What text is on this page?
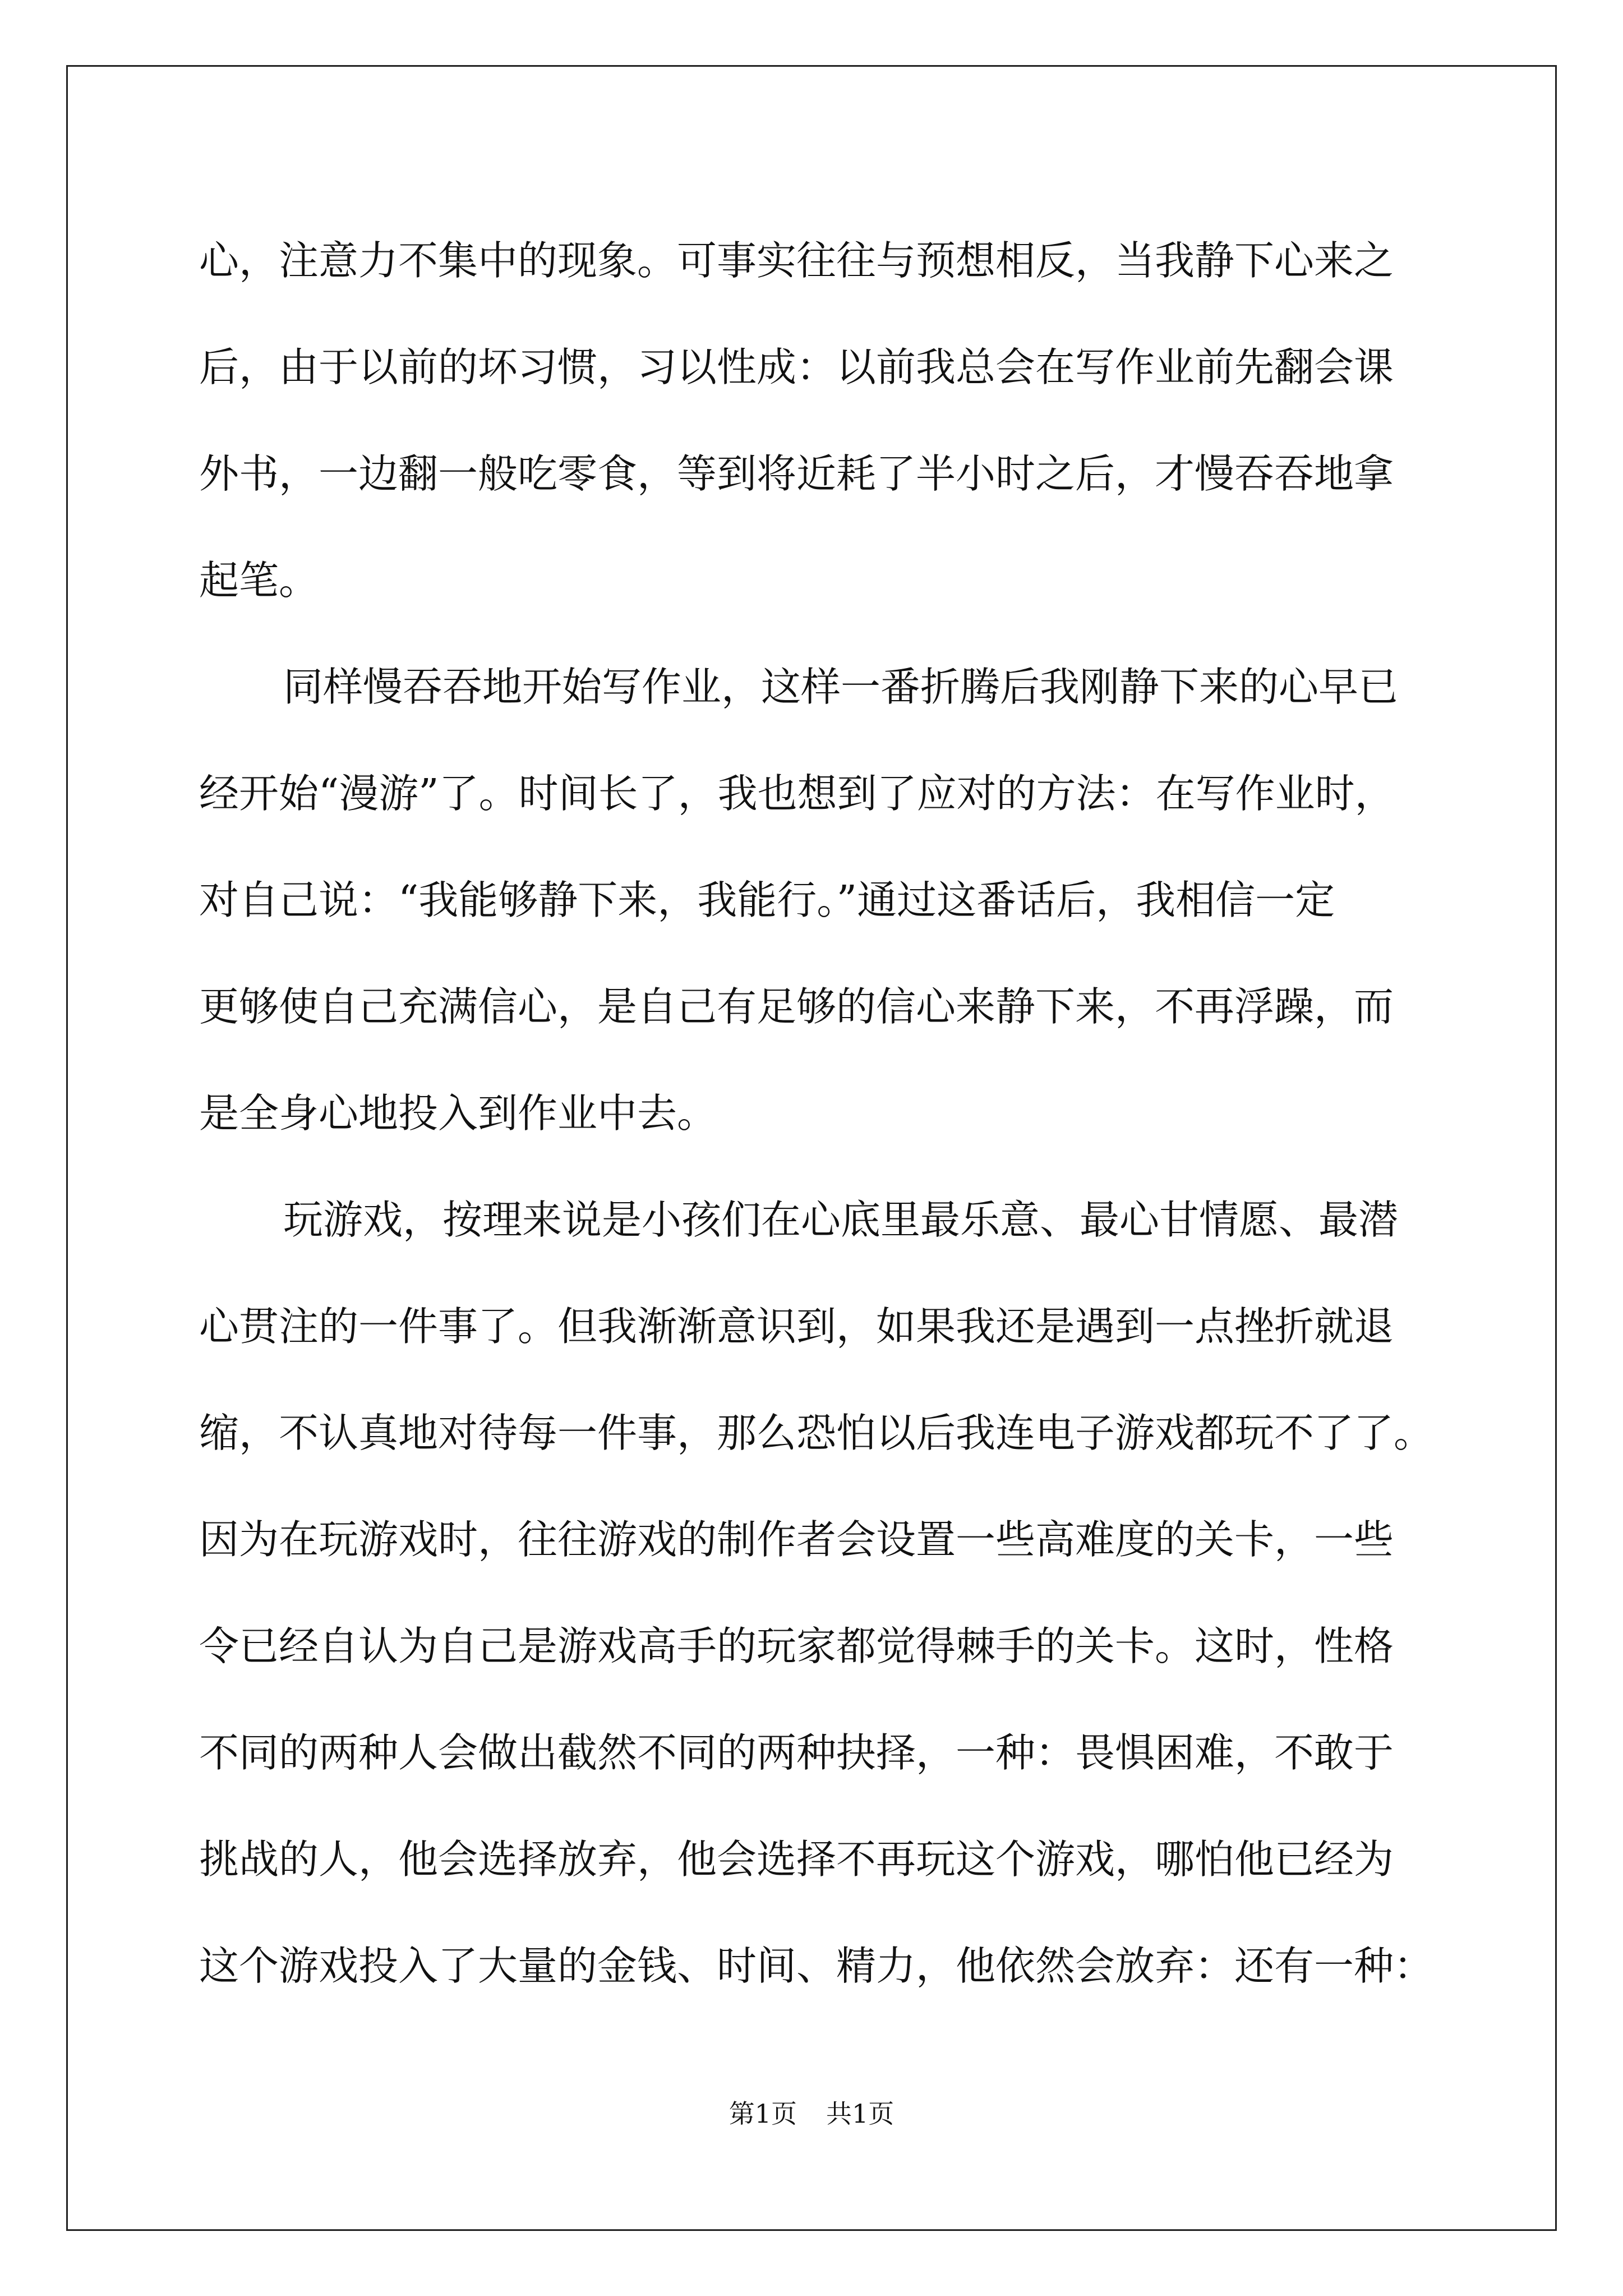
心，注意力不集中的现象。可事实往往与预想相反，当我静下心来之
后，由于以前的坏习惯，习以性成：以前我总会在写作业前先翻会课
外书，一边翻一般吃零食，等到将近耗了半小时之后，才慢吞吞地拿
起笔。
同样慢吞吞地开始写作业，这样一番折腾后我刚静下来的心早已
经开始“漫游”了。时间长了，我也想到了应对的方法：在写作业时，
对自己说：“我能够静下来，我能行。”通过这番话后，我相信一定
更够使自己充满信心，是自己有足够的信心来静下来，不再浮躁，而
是全身心地投入到作业中去。
玩游戏，按理来说是小孩们在心底里最乐意、最心甘情愿、最潜
心贯注的一件事了。但我渐渐意识到，如果我还是遇到一点挫折就退
缩，不认真地对待每一件事，那么恐怕以后我连电子游戏都玩不了了。
因为在玩游戏时，往往游戏的制作者会设置一些高难度的关卡，一些
令已经自认为自己是游戏高手的玩家都觉得棘手的关卡。这时，性格
不同的两种人会做出截然不同的两种抉择，一种：畏惧困难，不敢于
挑战的人，他会选择放弃，他会选择不再玩这个游戏，哪怕他已经为
这个游戏投入了大量的金钱、时间、精力，他依然会放弃：还有一种：
第1页 共1页
